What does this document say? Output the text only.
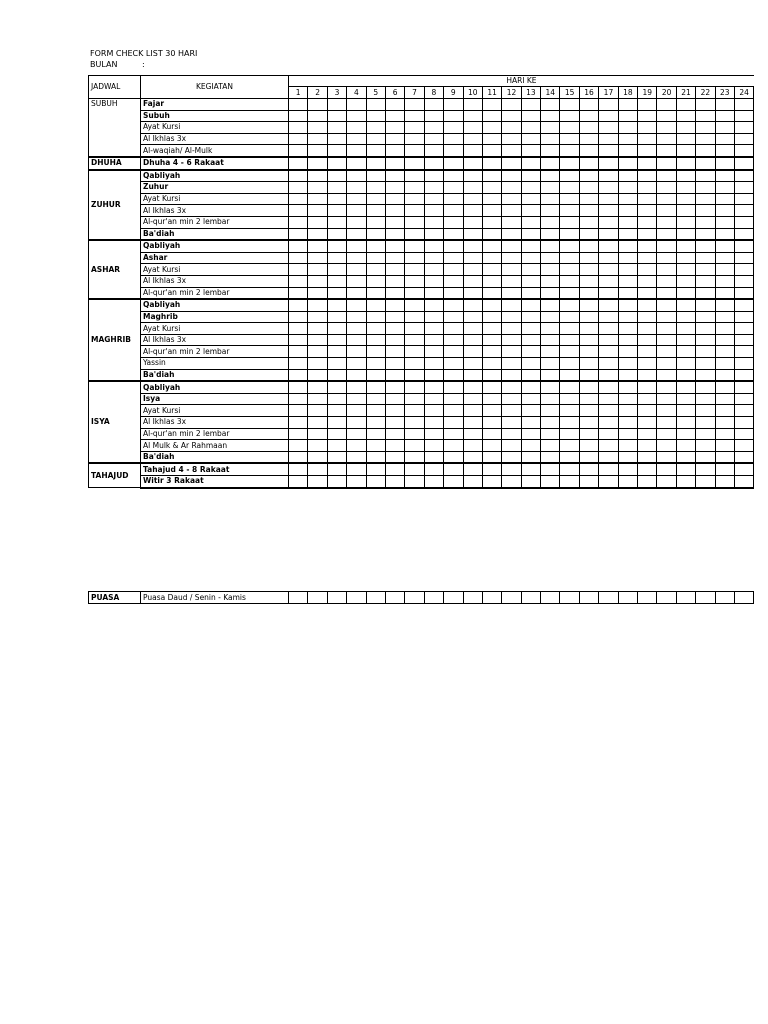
FORM CHECK LIST 30 HARI
BULAN	:
JADWAL	KEGIATAN	HARI KE																							
		1	2	3	4	5	6	7	8	9	10	11	12	13	14	15	16	17	18	19	20	21	22	23	24
SUBUH	Fajar																								
	Subuh																								
	Ayat Kursi																								
	Al Ikhlas 3x																								
	Al-waqiah/ Al-Mulk																								
DHUHA	Dhuha 4 - 6 Rakaat																								
ZUHUR	Qabliyah																								
	Zuhur																								
	Ayat Kursi																								
	Al Ikhlas 3x																								
	Al-qur'an min 2 lembar																								
	Ba'diah																								
ASHAR	Qabliyah																								
	Ashar																								
	Ayat Kursi																								
	Al Ikhlas 3x																								
	Al-qur'an min 2 lembar																								
MAGHRIB	Qabliyah																								
	Maghrib																								
	Ayat Kursi																								
	Al Ikhlas 3x																								
	Al-qur'an min 2 lembar																								
	Yassin																								
	Ba'diah																								
ISYA	Qabliyah																								
	Isya																								
	Ayat Kursi																								
	Al Ikhlas 3x																								
	Al-qur'an min 2 lembar																								
	Al Mulk & Ar Rahmaan																								
	Ba'diah																								
TAHAJUD	Tahajud 4 - 8 Rakaat																								
	Witir 3 Rakaat																								
PUASA	Puasa Daud / Senin - Kamis																								
